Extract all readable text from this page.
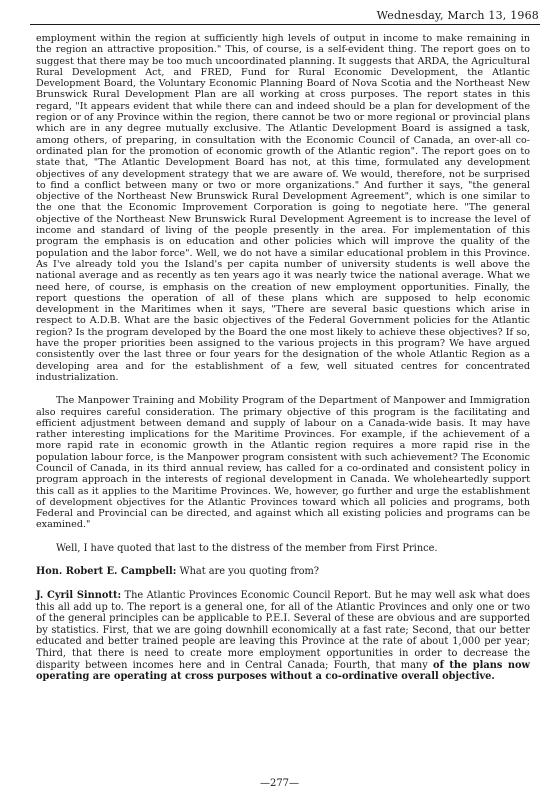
Wednesday, March 13, 1968

employment within the region at sufficiently high levels of output in income to make remaining in the region an attractive proposition." This, of course, is a self-evident thing. The report goes on to suggest that there may be too much uncoordinated planning. It suggests that ARDA, the Agricultural Rural Development Act, and FRED, Fund for Rural Economic Development, the Atlantic Development Board, the Voluntary Economic Planning Board of Nova Scotia and the Northeast New Brunswick Rural Development Plan are all working at cross purposes. The report states in this regard, "It appears evident that while there can and indeed should be a plan for development of the region or of any Province within the region, there cannot be two or more regional or provincial plans which are in any degree mutually exclusive. The Atlantic Development Board is assigned a task, among others, of preparing, in consultation with the Economic Council of Canada, an over-all co-ordinated plan for the promotion of economic growth of the Atlantic region". The report goes on to state that, "The Atlantic Development Board has not, at this time, formulated any development objectives of any development strategy that we are aware of. We would, therefore, not be surprised to find a conflict between many or two or more organizations." And further it says, "the general objective of the Northeast New Brunswick Rural Development Agreement", which is one similar to the one that the Economic Improvement Corporation is going to negotiate here. "The general objective of the Northeast New Brunswick Rural Development Agreement is to increase the level of income and standard of living of the people presently in the area. For implementation of this program the emphasis is on education and other policies which will improve the quality of the population and the labor force". Well, we do not have a similar educational problem in this Province. As I've already told you the Island's per capita number of university students is well above the national average and as recently as ten years ago it was nearly twice the national average. What we need here, of course, is emphasis on the creation of new employment opportunities. Finally, the report questions the operation of all of these plans which are supposed to help economic development in the Maritimes when it says, "There are several basic questions which arise in respect to A.D.B. What are the basic objectives of the Federal Government policies for the Atlantic region? Is the program developed by the Board the one most likely to achieve these objectives? If so, have the proper priorities been assigned to the various projects in this program? We have argued consistently over the last three or four years for the designation of the whole Atlantic Region as a developing area and for the establishment of a few, well situated centres for concentrated industrialization.

The Manpower Training and Mobility Program of the Department of Manpower and Immigration also requires careful consideration. The primary objective of this program is the facilitating and efficient adjustment between demand and supply of labour on a Canada-wide basis. It may have rather interesting implications for the Maritime Provinces. For example, if the achievement of a more rapid rate in economic growth in the Atlantic region requires a more rapid rise in the population labour force, is the Manpower program consistent with such achievement? The Economic Council of Canada, in its third annual review, has called for a co-ordinated and consistent policy in program approach in the interests of regional development in Canada. We wholeheartedly support this call as it applies to the Maritime Provinces. We, however, go further and urge the establishment of development objectives for the Atlantic Provinces toward which all policies and programs, both Federal and Provincial can be directed, and against which all existing policies and programs can be examined."

Well, I have quoted that last to the distress of the member from First Prince.

Hon. Robert E. Campbell: What are you quoting from?

J. Cyril Sinnott: The Atlantic Provinces Economic Council Report. But he may well ask what does this all add up to. The report is a general one, for all of the Atlantic Provinces and only one or two of the general principles can be applicable to P.E.I. Several of these are obvious and are supported by statistics. First, that we are going downhill economically at a fast rate; Second, that our better educated and better trained people are leaving this Province at the rate of about 1,000 per year; Third, that there is need to create more employment opportunities in order to decrease the disparity between incomes here and in Central Canada; Fourth, that many of the plans now operating are operating at cross purposes without a co-ordinative overall objective.

—277—
